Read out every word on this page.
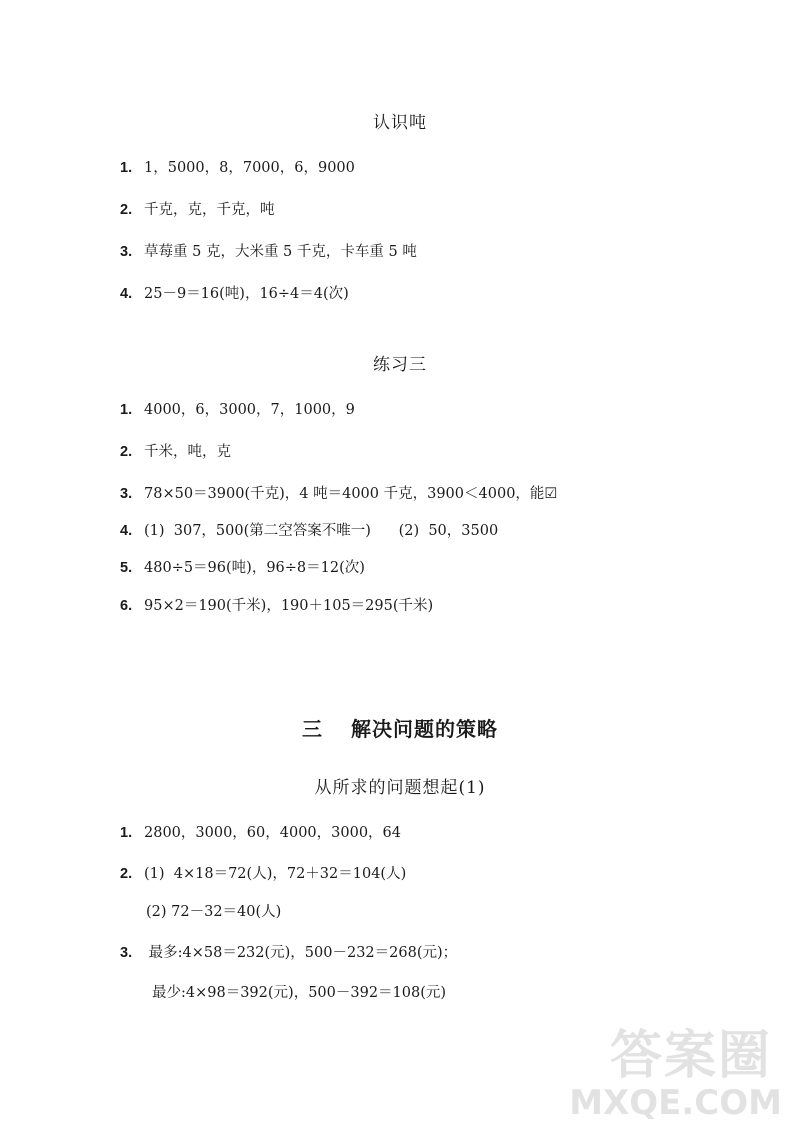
认识吨
1. 1，5000，8，7000，6，9000
2. 千克，克，千克，吨
3. 草莓重 5 克，大米重 5 千克，卡车重 5 吨
4. 25－9＝16(吨)，16÷4＝4(次)
练习三
1. 4000，6，3000，7，1000，9
2. 千米，吨，克
3. 78×50＝3900(千克)，4 吨＝4000 千克，3900＜4000，能☑
4. (1)  307，500(第二空答案不唯一)      (2)  50，3500
5. 480÷5＝96(吨)，96÷8＝12(次)
6. 95×2＝190(千米)，190＋105＝295(千米)
三 解决问题的策略
从所求的问题想起(1)
1. 2800，3000，60，4000，3000，64
2. (1)  4×18＝72(人)，72＋32＝104(人)
(2) 72－32＝40(人)
3. 最多:4×58＝232(元)，500－232＝268(元)；
最少:4×98＝392(元)，500－392＝108(元)
答案圈
MXQE.COM
